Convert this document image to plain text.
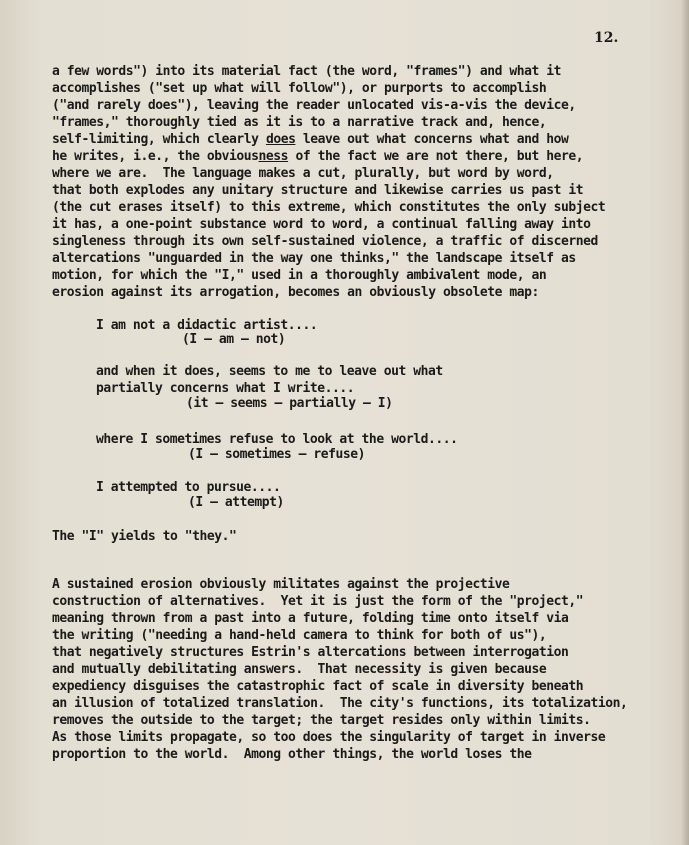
12.
a few words") into its material fact (the word, "frames") and what it
accomplishes ("set up what will follow"), or purports to accomplish
("and rarely does"), leaving the reader unlocated vis-a-vis the device,
"frames," thoroughly tied as it is to a narrative track and, hence,
self-limiting, which clearly does leave out what concerns what and how
he writes, i.e., the obviousness of the fact we are not there, but here,
where we are.  The language makes a cut, plurally, but word by word,
that both explodes any unitary structure and likewise carries us past it
(the cut erases itself) to this extreme, which constitutes the only subject
it has, a one-point substance word to word, a continual falling away into
singleness through its own self-sustained violence, a traffic of discerned
altercations "unguarded in the way one thinks," the landscape itself as
motion, for which the "I," used in a thoroughly ambivalent mode, an
erosion against its arrogation, becomes an obviously obsolete map:
I am not a didactic artist....
(I — am — not)
and when it does, seems to me to leave out what
partially concerns what I write....
(it — seems — partially — I)
where I sometimes refuse to look at the world....
(I — sometimes — refuse)
I attempted to pursue....
(I — attempt)
The "I" yields to "they."
A sustained erosion obviously militates against the projective
construction of alternatives.  Yet it is just the form of the "project,"
meaning thrown from a past into a future, folding time onto itself via
the writing ("needing a hand-held camera to think for both of us"),
that negatively structures Estrin's altercations between interrogation
and mutually debilitating answers.  That necessity is given because
expediency disguises the catastrophic fact of scale in diversity beneath
an illusion of totalized translation.  The city's functions, its totalization,
removes the outside to the target; the target resides only within limits.
As those limits propagate, so too does the singularity of target in inverse
proportion to the world.  Among other things, the world loses the
